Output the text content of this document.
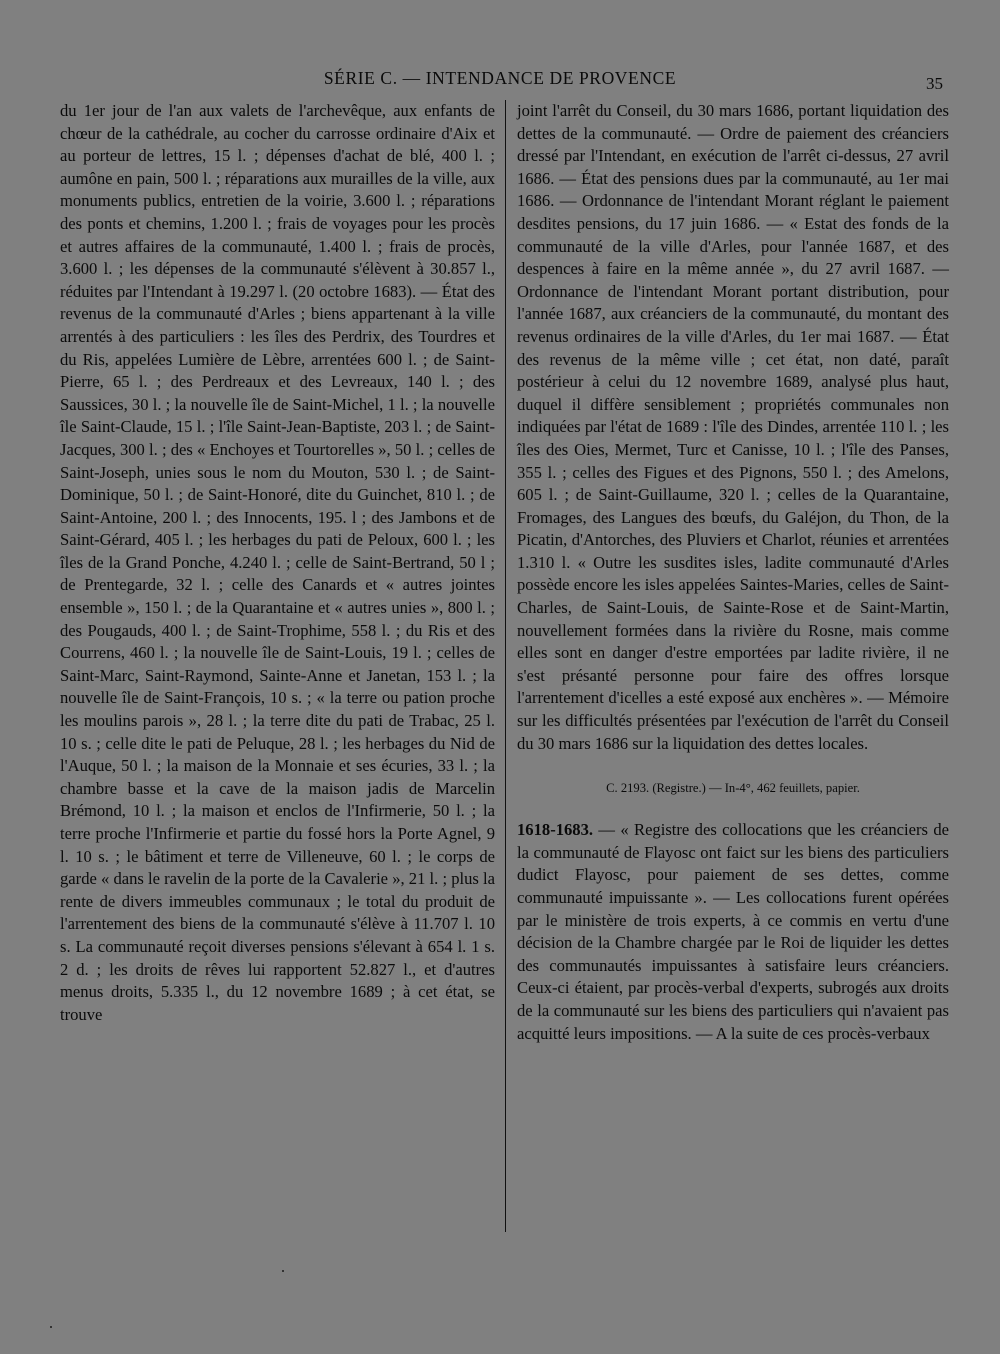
SÉRIE C. — INTENDANCE DE PROVENCE	35

du 1er jour de l'an aux valets de l'archevêque, aux enfants de chœur de la cathédrale, au cocher du carrosse ordinaire d'Aix et au porteur de lettres, 15 l. ; dépenses d'achat de blé, 400 l. ; aumône en pain, 500 l. ; réparations aux murailles de la ville, aux monuments publics, entretien de la voirie, 3.600 l. ; réparations des ponts et chemins, 1.200 l. ; frais de voyages pour les procès et autres affaires de la communauté, 1.400 l. ; frais de procès, 3.600 l. ; les dépenses de la communauté s'élèvent à 30.857 l., réduites par l'Intendant à 19.297 l. (20 octobre 1683). — État des revenus de la communauté d'Arles ; biens appartenant à la ville arrentés à des particuliers : les îles des Perdrix, des Tourdres et du Ris, appelées Lumière de Lèbre, arrentées 600 l. ; de Saint-Pierre, 65 l. ; des Perdreaux et des Levreaux, 140 l. ; des Saussices, 30 l. ; la nouvelle île de Saint-Michel, 1 l. ; la nouvelle île Saint-Claude, 15 l. ; l'île Saint-Jean-Baptiste, 203 l. ; de Saint-Jacques, 300 l. ; des « Enchoyes et Tourtorelles », 50 l. ; celles de Saint-Joseph, unies sous le nom du Mouton, 530 l. ; de Saint-Dominique, 50 l. ; de Saint-Honoré, dite du Guinchet, 810 l. ; de Saint-Antoine, 200 l. ; des Innocents, 195. l ; des Jambons et de Saint-Gérard, 405 l. ; les herbages du pati de Peloux, 600 l. ; les îles de la Grand Ponche, 4.240 l. ; celle de Saint-Bertrand, 50 l ; de Prentegarde, 32 l. ; celle des Canards et « autres jointes ensemble », 150 l. ; de la Quarantaine et « autres unies », 800 l. ; des Pougauds, 400 l. ; de Saint-Trophime, 558 l. ; du Ris et des Courrens, 460 l. ; la nouvelle île de Saint-Louis, 19 l. ; celles de Saint-Marc, Saint-Raymond, Sainte-Anne et Janetan, 153 l. ; la nouvelle île de Saint-François, 10 s. ; « la terre ou pation proche les moulins parois », 28 l. ; la terre dite du pati de Trabac, 25 l. 10 s. ; celle dite le pati de Peluque, 28 l. ; les herbages du Nid de l'Auque, 50 l. ; la maison de la Monnaie et ses écuries, 33 l. ; la chambre basse et la cave de la maison jadis de Marcelin Brémond, 10 l. ; la maison et enclos de l'Infirmerie, 50 l. ; la terre proche l'Infirmerie et partie du fossé hors la Porte Agnel, 9 l. 10 s. ; le bâtiment et terre de Villeneuve, 60 l. ; le corps de garde « dans le ravelin de la porte de la Cavalerie », 21 l. ; plus la rente de divers immeubles communaux ; le total du produit de l'arrentement des biens de la communauté s'élève à 11.707 l. 10 s. La communauté reçoit diverses pensions s'élevant à 654 l. 1 s. 2 d. ; les droits de rêves lui rapportent 52.827 l., et d'autres menus droits, 5.335 l., du 12 novembre 1689 ; à cet état, se trouve

joint l'arrêt du Conseil, du 30 mars 1686, portant liquidation des dettes de la communauté. — Ordre de paiement des créanciers dressé par l'Intendant, en exécution de l'arrêt ci-dessus, 27 avril 1686. — État des pensions dues par la communauté, au 1er mai 1686. — Ordonnance de l'intendant Morant réglant le paiement desdites pensions, du 17 juin 1686. — « Estat des fonds de la communauté de la ville d'Arles, pour l'année 1687, et des despences à faire en la même année », du 27 avril 1687. — Ordonnance de l'intendant Morant portant distribution, pour l'année 1687, aux créanciers de la communauté, du montant des revenus ordinaires de la ville d'Arles, du 1er mai 1687. — État des revenus de la même ville ; cet état, non daté, paraît postérieur à celui du 12 novembre 1689, analysé plus haut, duquel il diffère sensiblement ; propriétés communales non indiquées par l'état de 1689 : l'île des Dindes, arrentée 110 l. ; les îles des Oies, Mermet, Turc et Canisse, 10 l. ; l'île des Panses, 355 l. ; celles des Figues et des Pignons, 550 l. ; des Amelons, 605 l. ; de Saint-Guillaume, 320 l. ; celles de la Quarantaine, Fromages, des Langues des bœufs, du Galéjon, du Thon, de la Picatin, d'Antorches, des Pluviers et Charlot, réunies et arrentées 1.310 l. « Outre les susdites isles, ladite communauté d'Arles possède encore les isles appelées Saintes-Maries, celles de Saint-Charles, de Saint-Louis, de Sainte-Rose et de Saint-Martin, nouvellement formées dans la rivière du Rosne, mais comme elles sont en danger d'estre emportées par ladite rivière, il ne s'est présanté personne pour faire des offres lorsque l'arrentement d'icelles a esté exposé aux enchères ». — Mémoire sur les difficultés présentées par l'exécution de l'arrêt du Conseil du 30 mars 1686 sur la liquidation des dettes locales.

C. 2193. (Registre.) — In-4°, 462 feuillets, papier.

1618-1683. — « Registre des collocations que les créanciers de la communauté de Flayosc ont faict sur les biens des particuliers dudict Flayosc, pour paiement de ses dettes, comme communauté impuissante ». — Les collocations furent opérées par le ministère de trois experts, à ce commis en vertu d'une décision de la Chambre chargée par le Roi de liquider les dettes des communautés impuissantes à satisfaire leurs créanciers. Ceux-ci étaient, par procès-verbal d'experts, subrogés aux droits de la communauté sur les biens des particuliers qui n'avaient pas acquitté leurs impositions. — A la suite de ces procès-verbaux
